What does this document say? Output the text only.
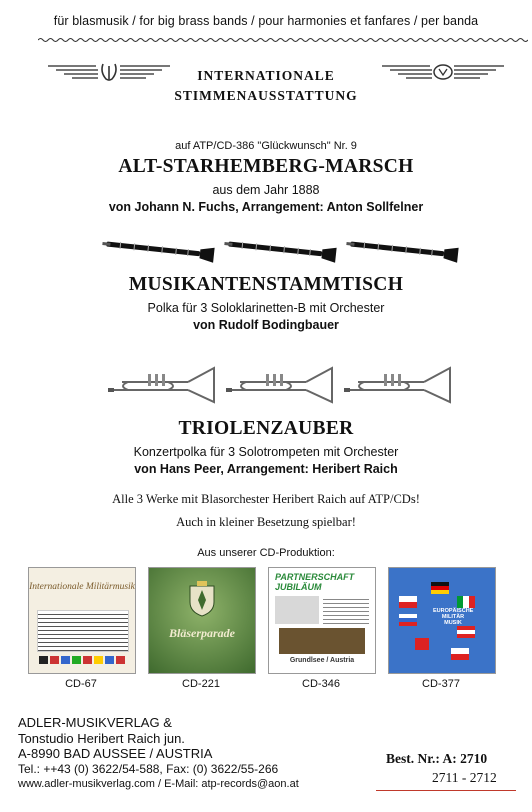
für blasmusik / for big brass bands / pour harmonies et fanfares / per banda
INTERNATIONALE
STIMMENAUSSTATTUNG
auf ATP/CD-386 "Glückwunsch" Nr. 9
ALT-STARHEMBERG-MARSCH
aus dem Jahr 1888
von Johann N. Fuchs, Arrangement: Anton Sollfelner
MUSIKANTENSTAMMTISCH
Polka für 3 Soloklarinetten-B mit Orchester
von Rudolf Bodingbauer
TRIOLENZAUBER
Konzertpolka für 3 Solotrompeten mit Orchester
von Hans Peer, Arrangement: Heribert Raich
Alle 3 Werke mit Blasorchester Heribert Raich auf ATP/CDs!
Auch in kleiner Besetzung spielbar!
Aus unserer CD-Produktion:
Internationale Militärmusik
CD-67
Bläserparade
CD-221
PARTNERSCHAFT JUBILÄUM
Grundlsee / Austria
CD-346
EUROPÄISCHE MILITÄR MUSIK
CD-377
ADLER-MUSIKVERLAG &
Tonstudio Heribert Raich jun.
A-8990 BAD AUSSEE / AUSTRIA
Tel.: ++43 (0) 3622/54-588, Fax: (0) 3622/55-266
www.adler-musikverlag.com / E-Mail: atp-records@aon.at
Best. Nr.: A: 2710
2711 - 2712
